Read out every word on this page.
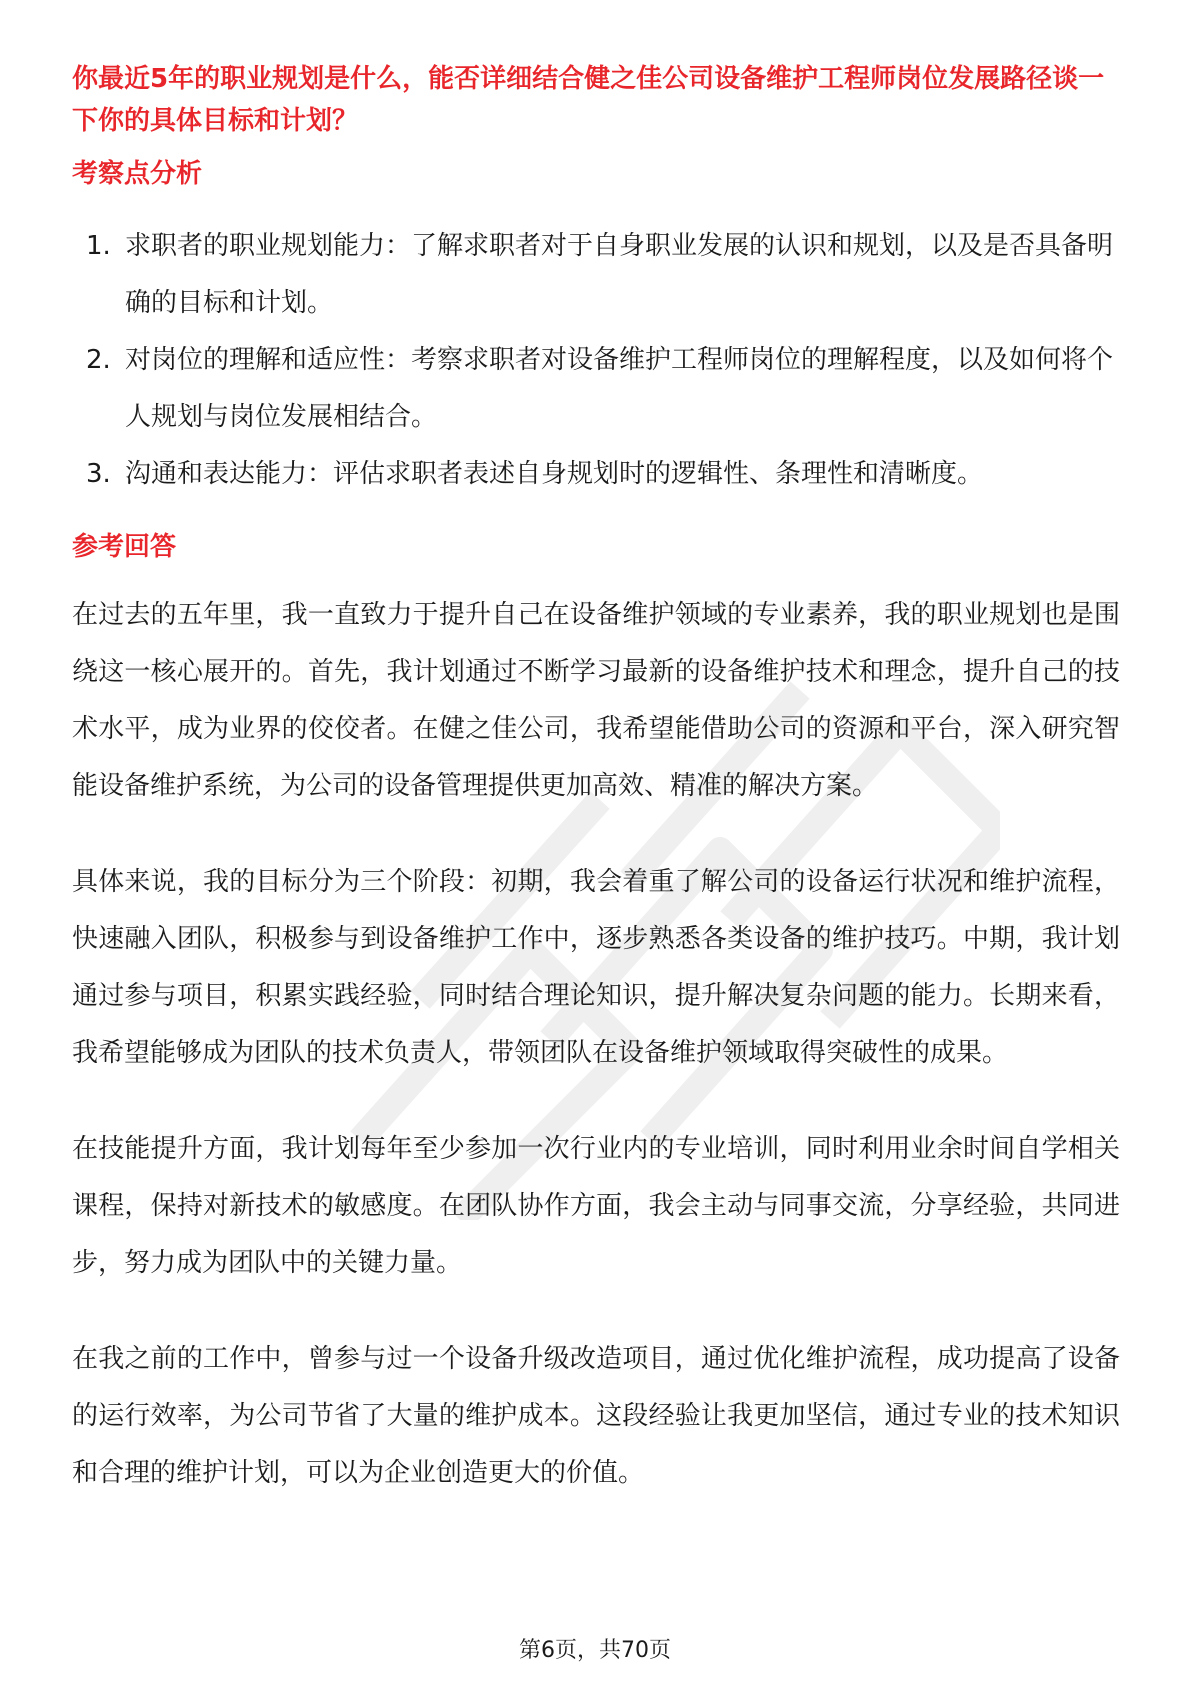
你最近5年的职业规划是什么，能否详细结合健之佳公司设备维护工程师岗位发展路径谈一下你的具体目标和计划？
考察点分析
1. 求职者的职业规划能力：了解求职者对于自身职业发展的认识和规划，以及是否具备明确的目标和计划。
2. 对岗位的理解和适应性：考察求职者对设备维护工程师岗位的理解程度，以及如何将个人规划与岗位发展相结合。
3. 沟通和表达能力：评估求职者表述自身规划时的逻辑性、条理性和清晰度。
参考回答

在过去的五年里，我一直致力于提升自己在设备维护领域的专业素养，我的职业规划也是围绕这一核心展开的。首先，我计划通过不断学习最新的设备维护技术和理念，提升自己的技术水平，成为业界的佼佼者。在健之佳公司，我希望能借助公司的资源和平台，深入研究智能设备维护系统，为公司的设备管理提供更加高效、精准的解决方案。

具体来说，我的目标分为三个阶段：初期，我会着重了解公司的设备运行状况和维护流程，快速融入团队，积极参与到设备维护工作中，逐步熟悉各类设备的维护技巧。中期，我计划通过参与项目，积累实践经验，同时结合理论知识，提升解决复杂问题的能力。长期来看，我希望能够成为团队的技术负责人，带领团队在设备维护领域取得突破性的成果。

在技能提升方面，我计划每年至少参加一次行业内的专业培训，同时利用业余时间自学相关课程，保持对新技术的敏感度。在团队协作方面，我会主动与同事交流，分享经验，共同进步，努力成为团队中的关键力量。

在我之前的工作中，曾参与过一个设备升级改造项目，通过优化维护流程，成功提高了设备的运行效率，为公司节省了大量的维护成本。这段经验让我更加坚信，通过专业的技术知识和合理的维护计划，可以为企业创造更大的价值。

第6页，共70页
